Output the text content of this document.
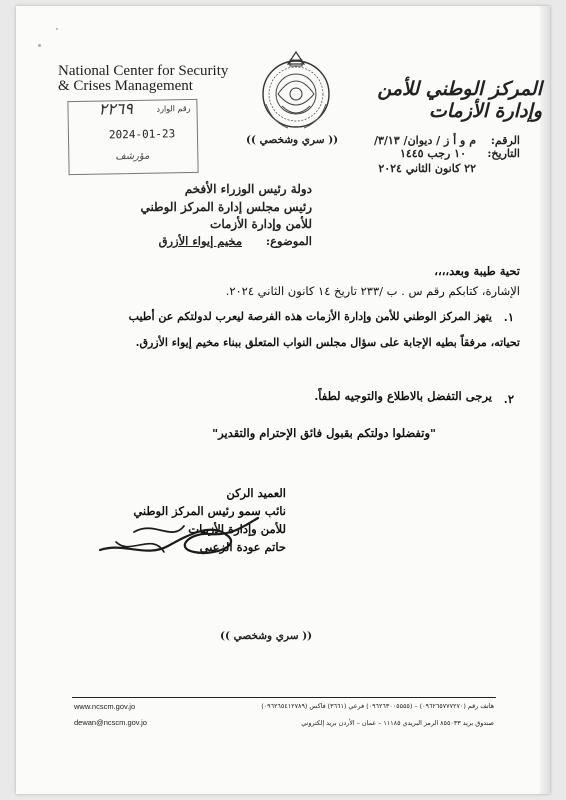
National Center for Security
& Crises Management	المركز الوطني للأمن وإدارة الأزمات
رقم الوارد
٢٢٦٩
2024-01-23
مؤرشف
(( سري وشخصي ))	الرقم:
م و أ ز / ديوان/ ٣/١٣/
التاريخ:
١٠ رجب ١٤٤٥
٢٢ كانون الثاني ٢٠٢٤
دولة رئيس الوزراء الأفخم
رئيس مجلس إدارة المركز الوطني
للأمن وإدارة الأزمات
الموضوع:
مخيم إيواء الأزرق
تحية طيبة وبعد،،،،
الإشارة، كتابكم رقم س . ب /٢٣٣ تاريخ ١٤ كانون الثاني ٢٠٢٤.
١.
يتهز المركز الوطني للأمن وإدارة الأزمات هذه الفرصة ليعرب لدولتكم عن أطيب
تحياته، مرفقاً بطيه الإجابة على سؤال مجلس النواب المتعلق ببناء مخيم إيواء الأزرق.
٢.
يرجى التفضل بالاطلاع والتوجيه لطفاً.
"وتفضلوا دولتكم بقبول فائق الإحترام والتقدير"
العميد الركن
نائب سمو رئيس المركز الوطني
للأمن وإدارة الأزمات
حاتم عودة الزعبي
(( سري وشخصي ))
www.ncscm.gov.jo
dewan@ncscm.gov.jo
هاتف رقم (٠٩٦٢٦٥٧٧٧٢٧٠) – (٠٩٦٢٦٣٠٠٥٥٥٥) فرعي (٣٦٦١) فاكس (٠٩٦٢٦٥٤١٢٧٨٩)
صندوق بريد ٨٥٥٠٣٣ الرمز البريدي ١١١٨٥ – عمان – الأردن بريد إلكتروني
